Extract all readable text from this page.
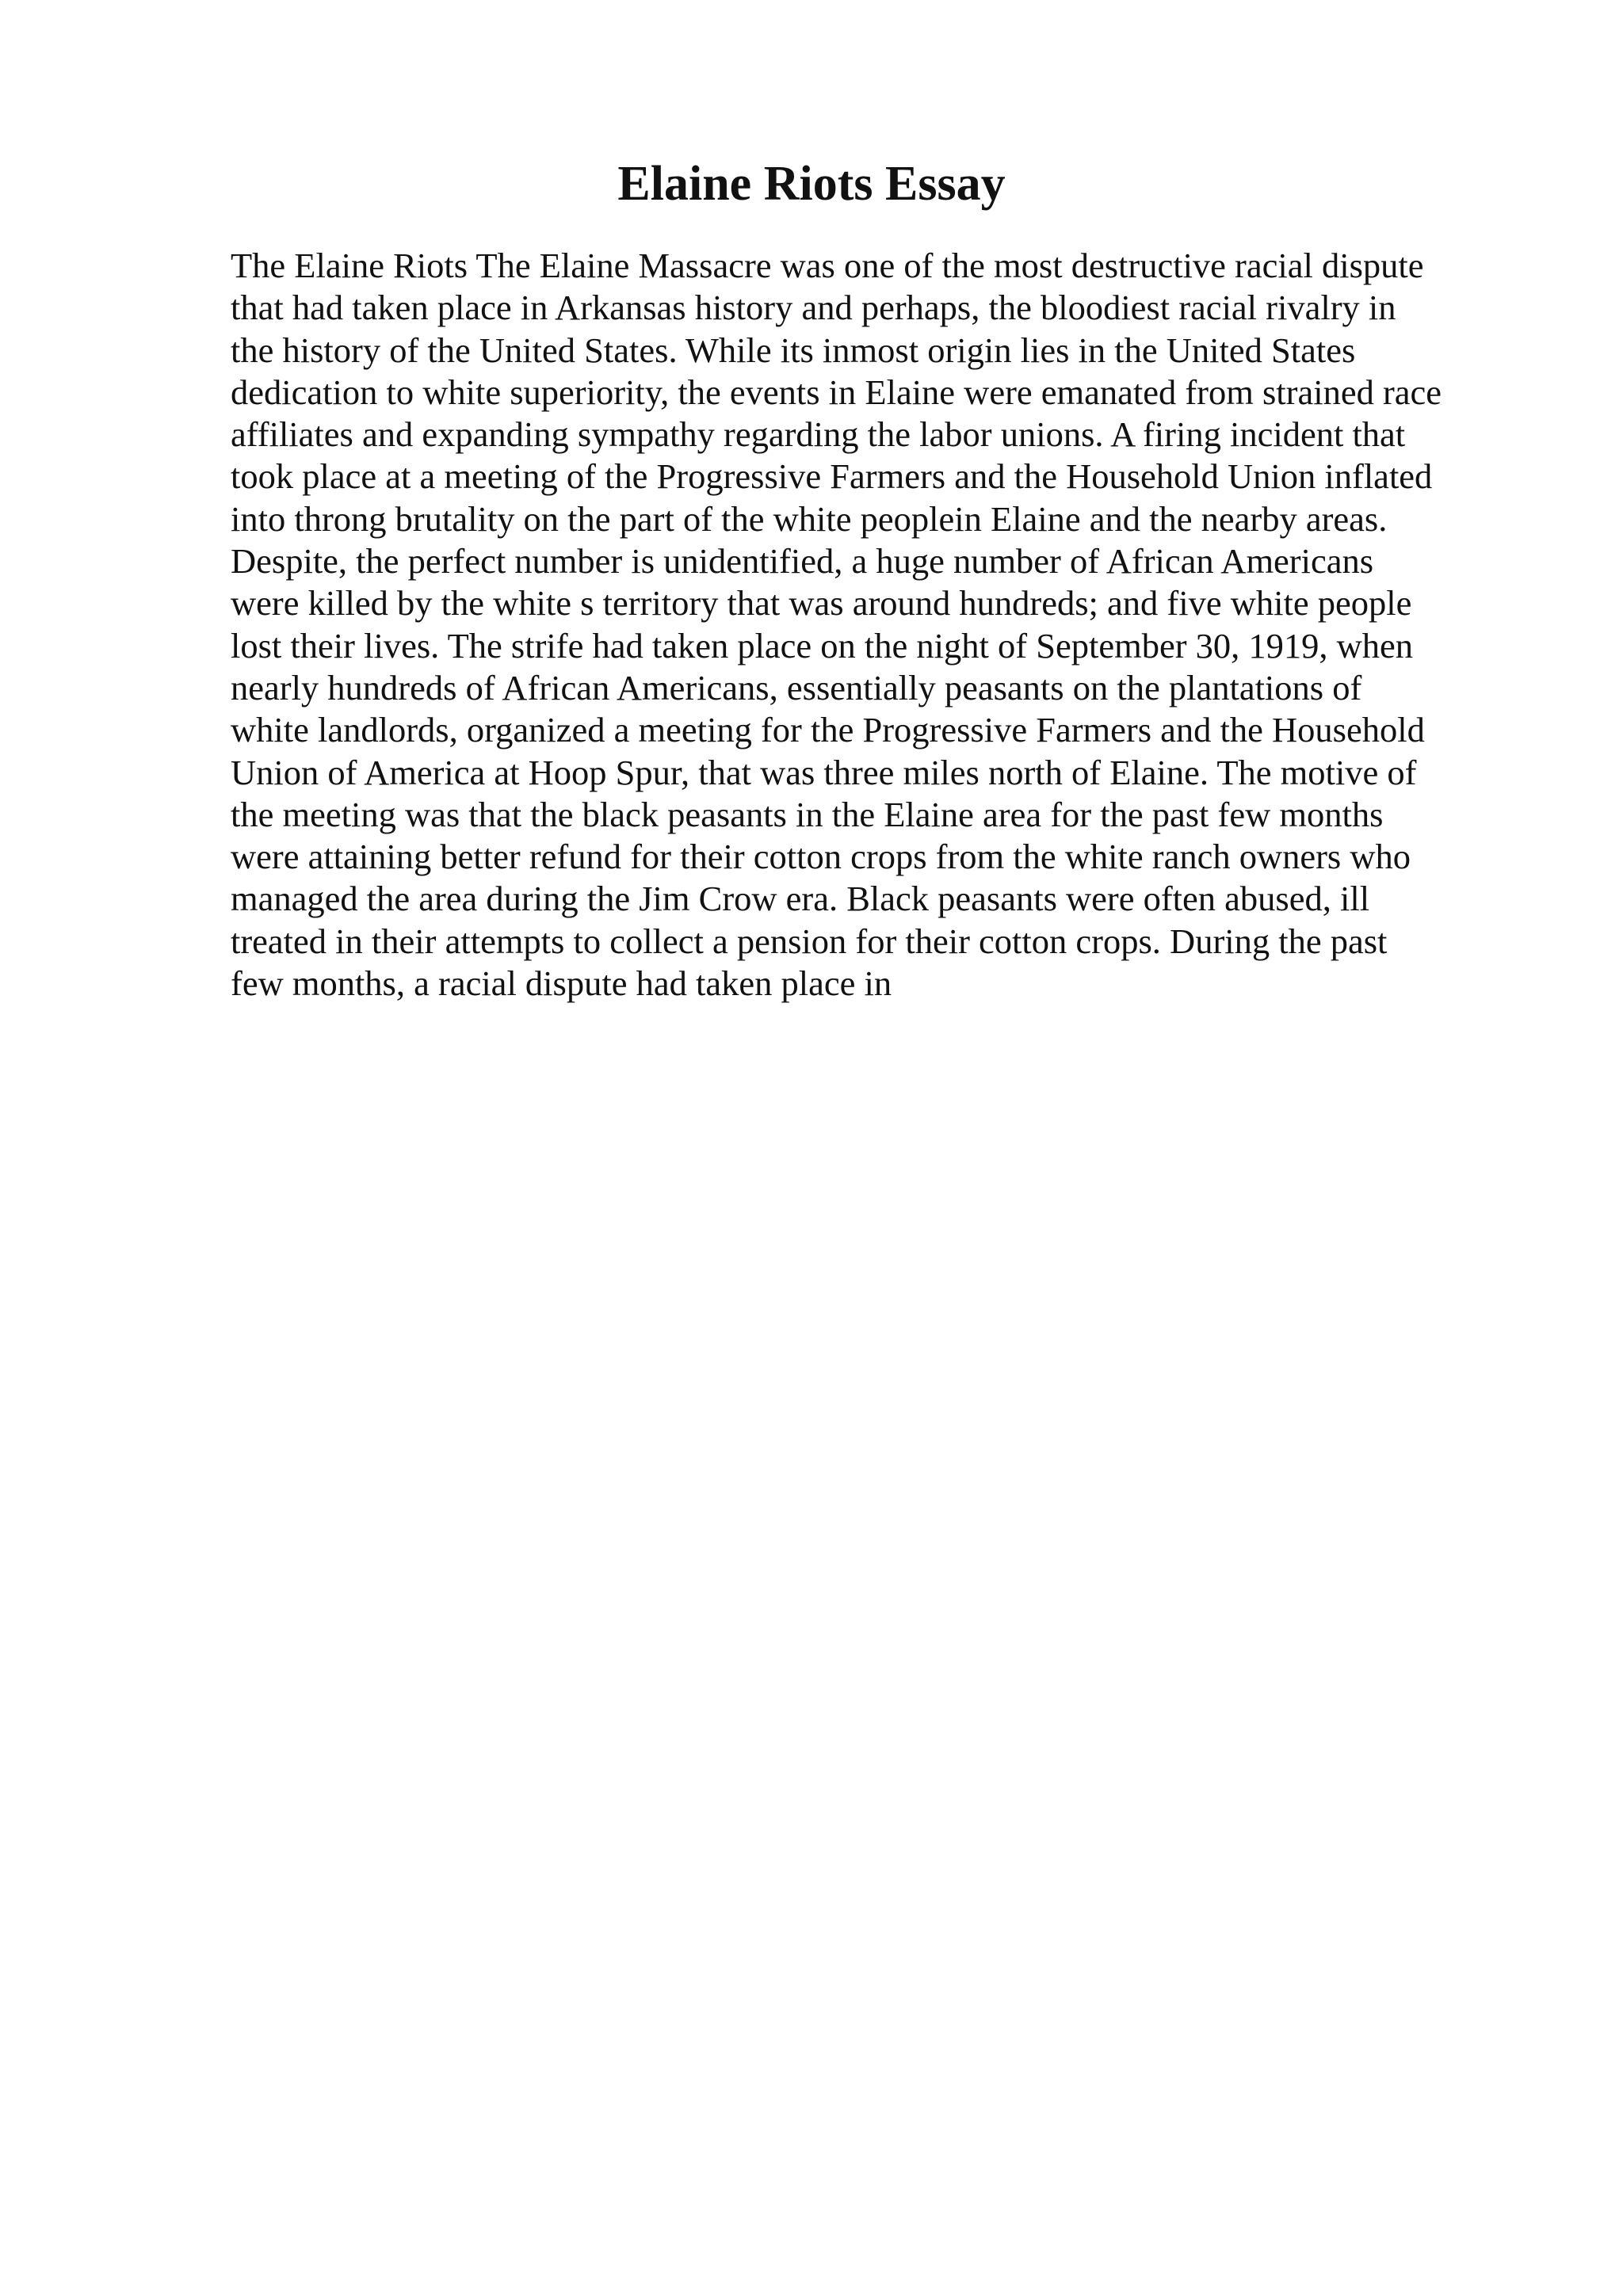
Elaine Riots Essay
The Elaine Riots The Elaine Massacre was one of the most destructive racial dispute
that had taken place in Arkansas history and perhaps, the bloodiest racial rivalry in
the history of the United States. While its inmost origin lies in the United States
dedication to white superiority, the events in Elaine were emanated from strained race
affiliates and expanding sympathy regarding the labor unions. A firing incident that
took place at a meeting of the Progressive Farmers and the Household Union inflated
into throng brutality on the part of the white peoplein Elaine and the nearby areas.
Despite, the perfect number is unidentified, a huge number of African Americans
were killed by the white s territory that was around hundreds; and five white people
lost their lives. The strife had taken place on the night of September 30, 1919, when
nearly hundreds of African Americans, essentially peasants on the plantations of
white landlords, organized a meeting for the Progressive Farmers and the Household
Union of America at Hoop Spur, that was three miles north of Elaine. The motive of
the meeting was that the black peasants in the Elaine area for the past few months
were attaining better refund for their cotton crops from the white ranch owners who
managed the area during the Jim Crow era. Black peasants were often abused, ill
treated in their attempts to collect a pension for their cotton crops. During the past
few months, a racial dispute had taken place in
